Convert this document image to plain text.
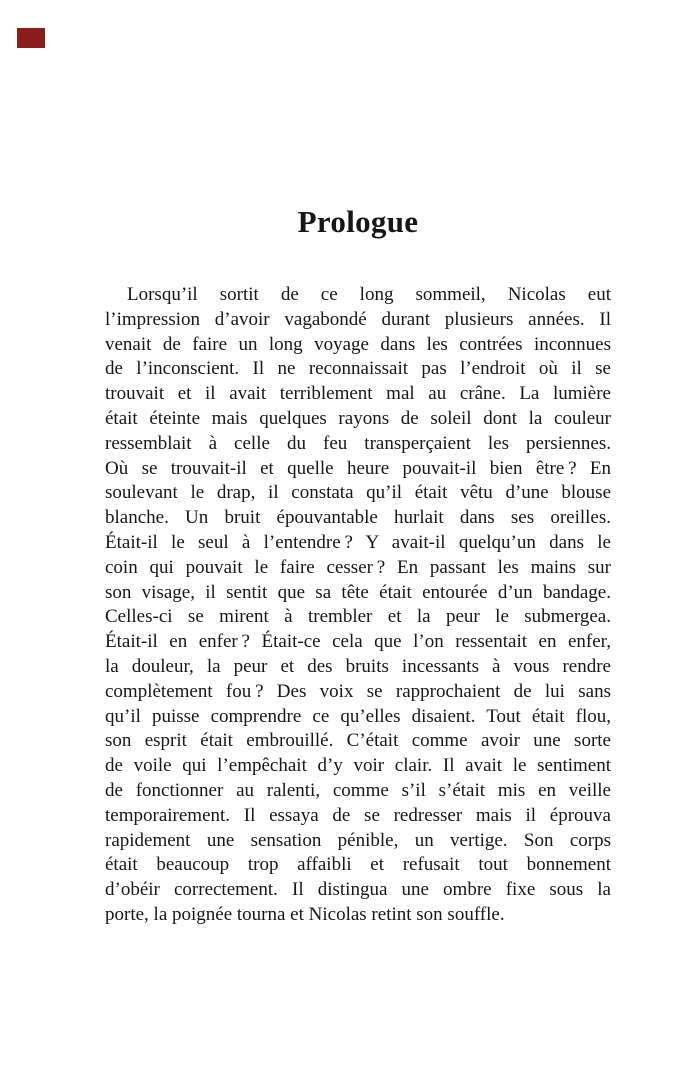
Prologue
Lorsqu’il sortit de ce long sommeil, Nicolas eut
l’impression d’avoir vagabondé durant plusieurs années. Il
venait de faire un long voyage dans les contrées inconnues
de l’inconscient. Il ne reconnaissait pas l’endroit où il se
trouvait et il avait terriblement mal au crâne. La lumière
était éteinte mais quelques rayons de soleil dont la couleur
ressemblait à celle du feu transperçaient les persiennes.
Où se trouvait-il et quelle heure pouvait-il bien être ? En
soulevant le drap, il constata qu’il était vêtu d’une blouse
blanche. Un bruit épouvantable hurlait dans ses oreilles.
Était-il le seul à l’entendre ? Y avait-il quelqu’un dans le
coin qui pouvait le faire cesser ? En passant les mains sur
son visage, il sentit que sa tête était entourée d’un bandage.
Celles-ci se mirent à trembler et la peur le submergea.
Était-il en enfer ? Était-ce cela que l’on ressentait en enfer,
la douleur, la peur et des bruits incessants à vous rendre
complètement fou ? Des voix se rapprochaient de lui sans
qu’il puisse comprendre ce qu’elles disaient. Tout était flou,
son esprit était embrouillé. C’était comme avoir une sorte
de voile qui l’empêchait d’y voir clair. Il avait le sentiment
de fonctionner au ralenti, comme s’il s’était mis en veille
temporairement. Il essaya de se redresser mais il éprouva
rapidement une sensation pénible, un vertige. Son corps
était beaucoup trop affaibli et refusait tout bonnement
d’obéir correctement. Il distingua une ombre fixe sous la
porte, la poignée tourna et Nicolas retint son souffle.
